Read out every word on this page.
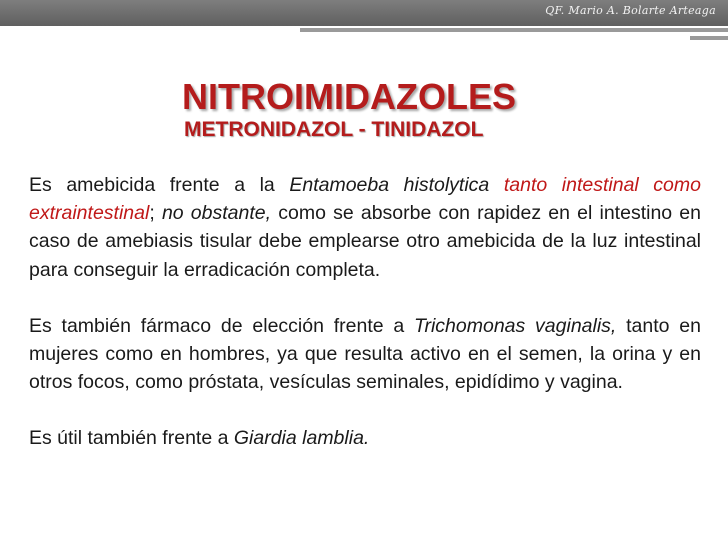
QF. Mario A. Bolarte Arteaga
NITROIMIDAZOLES
METRONIDAZOL - TINIDAZOL

Es amebicida frente a la Entamoeba histolytica tanto intestinal como extraintestinal; no obstante, como se absorbe con rapidez en el intestino en caso de amebiasis tisular debe emplearse otro amebicida de la luz intestinal para conseguir la erradicación completa.

Es también fármaco de elección frente a Trichomonas vaginalis, tanto en mujeres como en hombres, ya que resulta activo en el semen, la orina y en otros focos, como próstata, vesículas seminales, epidídimo y vagina.

Es útil también frente a Giardia lamblia.
